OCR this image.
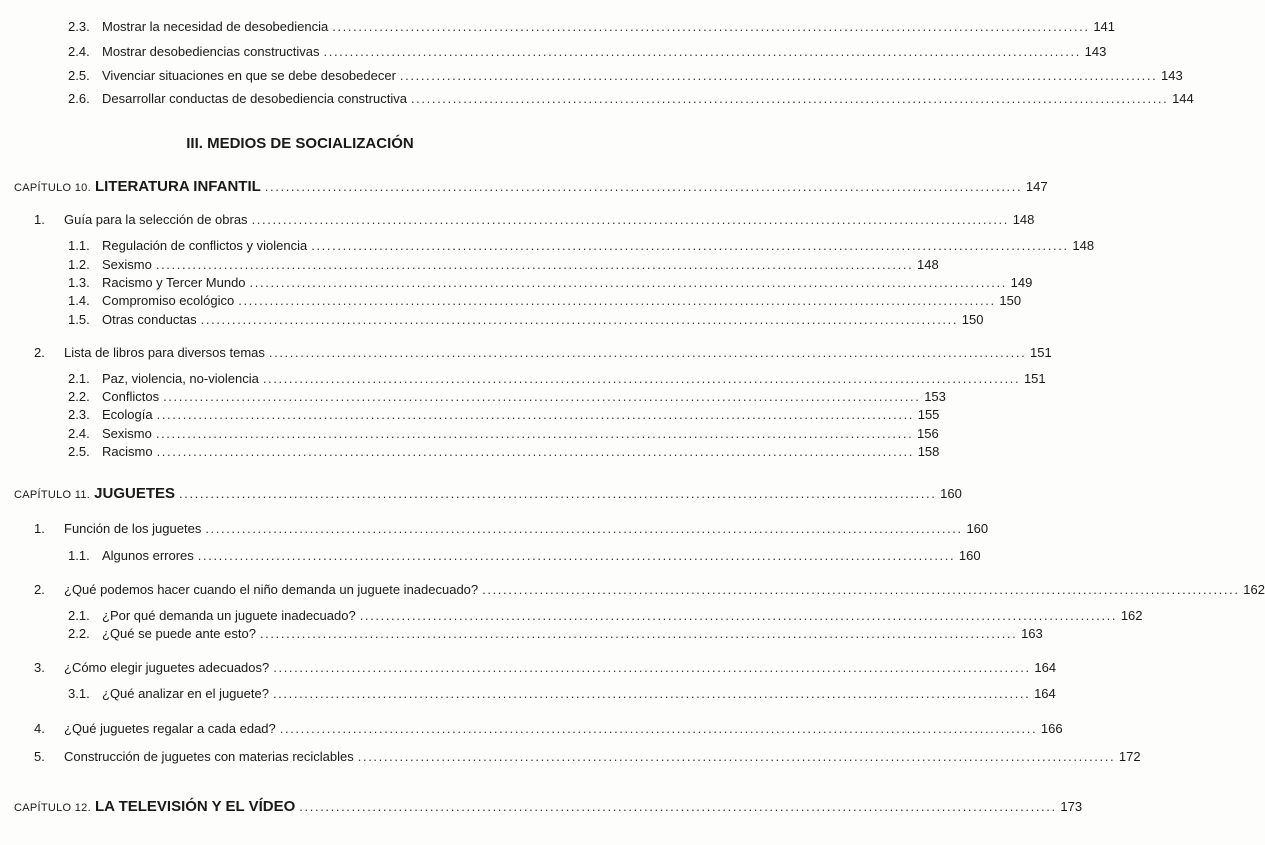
2.3. Mostrar la necesidad de desobediencia . . .	141
2.4. Mostrar desobediencias constructivas . . .	143
2.5. Vivenciar situaciones en que se debe desobedecer . . .	143
2.6. Desarrollar conductas de desobediencia constructiva . . .	144
III. MEDIOS DE SOCIALIZACIÓN
CAPÍTULO 10. LITERATURA INFANTIL . . .	147
1.	Guía para la selección de obras . . .	148
1.1. Regulación de conflictos y violencia . . .	148
1.2. Sexismo . . .	148
1.3. Racismo y Tercer Mundo . . .	149
1.4. Compromiso ecológico . . .	150
1.5. Otras conductas . . .	150
2.	Lista de libros para diversos temas . . .	151
2.1. Paz, violencia, no-violencia . . .	151
2.2. Conflictos . . .	153
2.3. Ecología . . .	155
2.4. Sexismo . . .	156
2.5. Racismo . . .	158
CAPÍTULO 11. JUGUETES . . .	160
1.	Función de los juguetes . . .	160
1.1. Algunos errores . . .	160
2.	¿Qué podemos hacer cuando el niño demanda un juguete inadecuado? . . .	162
2.1. ¿Por qué demanda un juguete inadecuado? . . .	162
2.2. ¿Qué se puede ante esto? . . .	163
3.	¿Cómo elegir juguetes adecuados? . . .	164
3.1. ¿Qué analizar en el juguete? . . .	164
4.	¿Qué juguetes regalar a cada edad? . . .	166
5.	Construcción de juguetes con materias reciclables . . .	172
CAPÍTULO 12. LA TELEVISIÓN Y EL VÍDEO . . .	173
